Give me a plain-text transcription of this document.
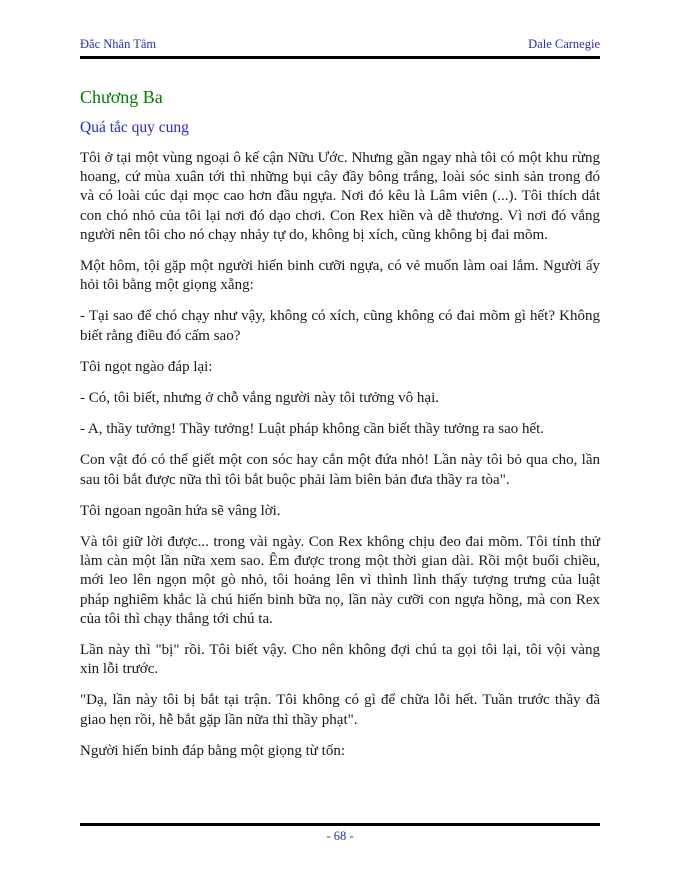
Đắc Nhân Tâm	Dale Carnegie
Chương Ba
Quá tắc quy cung

Tôi ở tại một vùng ngoại ô kế cận Nữu Ước. Nhưng gần ngay nhà tôi có một khu rừng hoang, cứ mùa xuân tới thì những bụi cây đầy bông trắng, loài sóc sinh sản trong đó và có loài cúc dại mọc cao hơn đầu ngựa. Nơi đó kêu là Lâm viên (...). Tôi thích dắt con chó nhỏ của tôi lại nơi đó dạo chơi. Con Rex hiền và dễ thương. Vì nơi đó vắng người nên tôi cho nó chạy nhảy tự do, không bị xích, cũng không bị đai mõm.

Một hôm, tội gặp một người hiến binh cưỡi ngựa, có vẻ muốn làm oai lắm. Người ấy hỏi tôi bằng một giọng xẵng:

- Tại sao để chó chạy như vậy, không có xích, cũng không có đai mõm gì hết? Không biết rằng điều đó cấm sao?

Tôi ngọt ngào đáp lại:

- Có, tôi biết, nhưng ở chỗ vắng người này tôi tưởng vô hại.

- A, thầy tưởng! Thầy tưởng! Luật pháp không cần biết thầy tưởng ra sao hết.

Con vật đó có thể giết một con sóc hay cắn một đứa nhỏ! Lần này tôi bỏ qua cho, lần sau tôi bắt được nữa thì tôi bắt buộc phải làm biên bản đưa thầy ra tòa".

Tôi ngoan ngoãn hứa sẽ vâng lời.

Và tôi giữ lời được... trong vài ngày. Con Rex không chịu đeo đai mõm. Tôi tính thử làm càn một lần nữa xem sao. Êm được trong một thời gian dài. Rồi một buổi chiều, mới leo lên ngọn một gò nhỏ, tôi hoảng lên vì thình lình thấy tượng trưng của luật pháp nghiêm khắc là chú hiến binh bữa nọ, lần này cưỡi con ngựa hồng, mà con Rex của tôi thì chạy thẳng tới chú ta.

Lần này thì "bị" rồi. Tôi biết vậy. Cho nên không đợi chú ta gọi tôi lại, tôi vội vàng xin lỗi trước.

"Dạ, lần này tôi bị bắt tại trận. Tôi không có gì để chữa lỗi hết. Tuần trước thầy đã giao hẹn rồi, hễ bắt gặp lần nữa thì thầy phạt".

Người hiến binh đáp bằng một giọng từ tốn:

- 68 -
